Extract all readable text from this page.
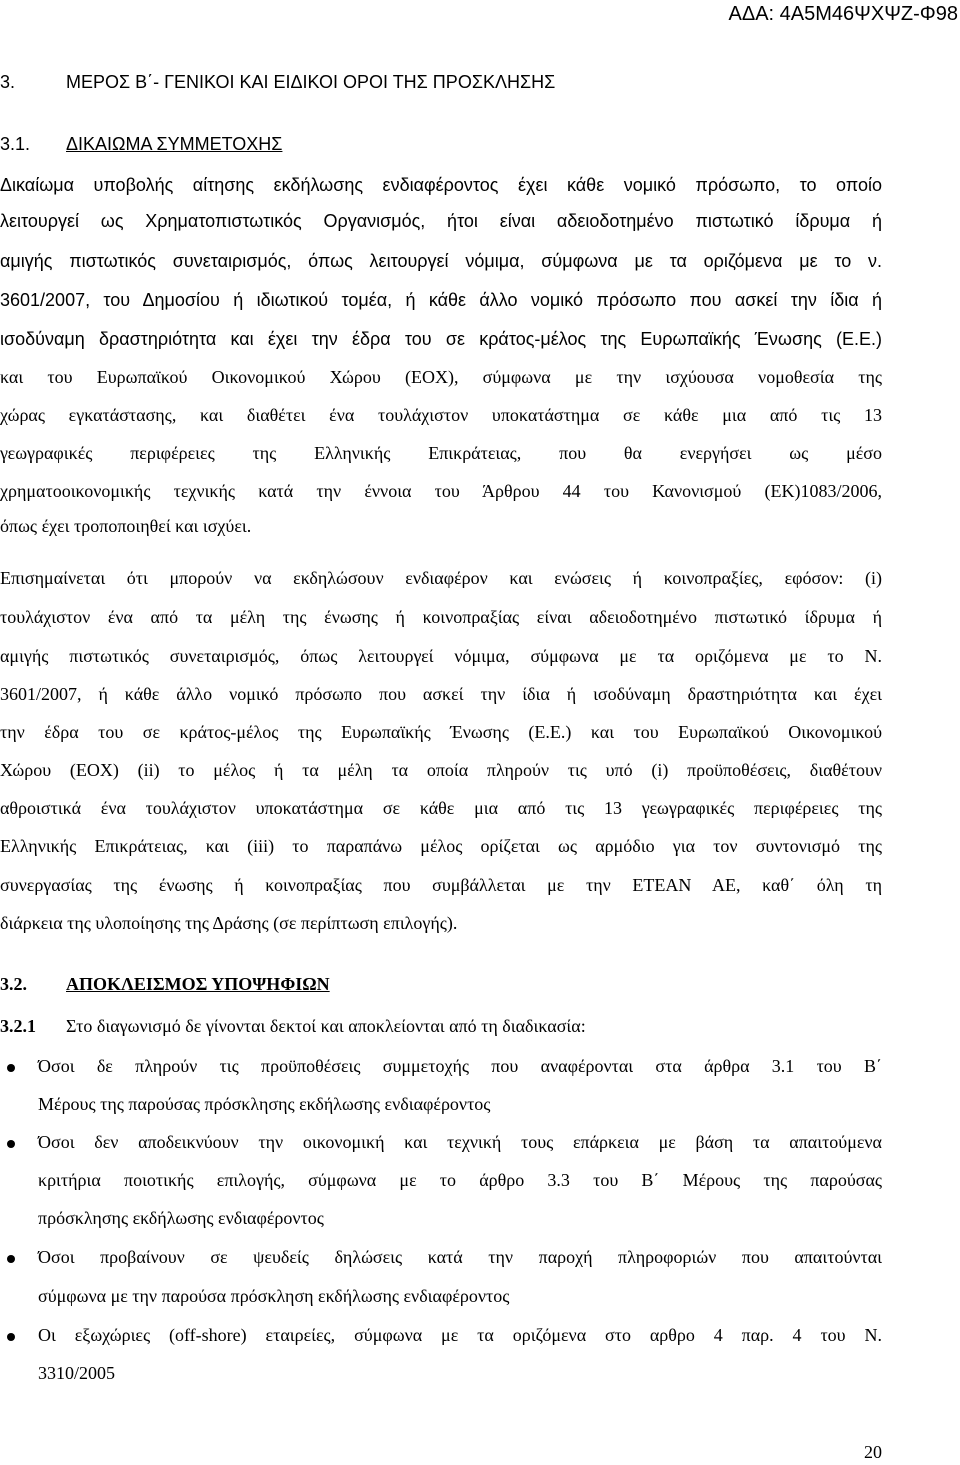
ΑΔΑ: 4Α5Μ46ΨΧΨΖ-Φ98
3.	ΜΕΡΟΣ Β΄- ΓΕΝΙΚΟΙ ΚΑΙ ΕΙΔΙΚΟΙ ΟΡΟΙ ΤΗΣ ΠΡΟΣΚΛΗΣΗΣ
3.1. ΔΙΚΑΙΩΜΑ ΣΥΜΜΕΤΟΧΗΣ
Δικαίωμα υποβολής αίτησης εκδήλωσης ενδιαφέροντος έχει κάθε νομικό πρόσωπο, το οποίο
λειτουργεί ως Χρηματοπιστωτικός Οργανισμός, ήτοι είναι αδειοδοτημένο πιστωτικό ίδρυμα ή
αμιγής πιστωτικός συνεταιρισμός, όπως λειτουργεί νόμιμα, σύμφωνα με τα οριζόμενα με το ν.
3601/2007, του Δημοσίου ή ιδιωτικού τομέα, ή κάθε άλλο νομικό πρόσωπο που ασκεί την ίδια ή
ισοδύναμη δραστηριότητα και έχει την έδρα του σε κράτος-μέλος της Ευρωπαϊκής Ένωσης (Ε.Ε.)
και του Ευρωπαϊκού Οικονομικού Χώρου (ΕΟΧ), σύμφωνα με την ισχύουσα νομοθεσία της
χώρας εγκατάστασης, και διαθέτει ένα τουλάχιστον υποκατάστημα σε κάθε μια από τις 13
γεωγραφικές περιφέρειες της Ελληνικής Επικράτειας, που θα ενεργήσει ως μέσο
χρηματοοικονομικής τεχνικής κατά την έννοια του Άρθρου 44 του Κανονισμού (ΕΚ)1083/2006,
όπως έχει τροποποιηθεί και ισχύει.
Επισημαίνεται ότι μπορούν να εκδηλώσουν ενδιαφέρον και ενώσεις ή κοινοπραξίες, εφόσον: (i)
τουλάχιστον ένα από τα μέλη της ένωσης ή κοινοπραξίας είναι αδειοδοτημένο πιστωτικό ίδρυμα ή
αμιγής πιστωτικός συνεταιρισμός, όπως λειτουργεί νόμιμα, σύμφωνα με τα οριζόμενα με το Ν.
3601/2007, ή κάθε άλλο νομικό πρόσωπο που ασκεί την ίδια ή ισοδύναμη δραστηριότητα και έχει
την έδρα του σε κράτος-μέλος της Ευρωπαϊκής Ένωσης (Ε.Ε.) και του Ευρωπαϊκού Οικονομικού
Χώρου (ΕΟΧ) (ii) το μέλος ή τα μέλη τα οποία πληρούν τις υπό (i) προϋποθέσεις, διαθέτουν
αθροιστικά ένα τουλάχιστον υποκατάστημα σε κάθε μια από τις 13 γεωγραφικές περιφέρειες της
Ελληνικής Επικράτειας, και (iii) το παραπάνω μέλος ορίζεται ως αρμόδιο για τον συντονισμό της
συνεργασίας της ένωσης ή κοινοπραξίας που συμβάλλεται με την ΕΤΕΑΝ ΑΕ, καθ΄ όλη τη
διάρκεια της υλοποίησης της Δράσης (σε περίπτωση επιλογής).
3.2. ΑΠΟΚΛΕΙΣΜΟΣ ΥΠΟΨΗΦΙΩΝ
3.2.1 Στο διαγωνισμό δε γίνονται δεκτοί και αποκλείονται από τη διαδικασία:
Όσοι δε πληρούν τις προϋποθέσεις συμμετοχής που αναφέρονται στα άρθρα 3.1 του Β΄
Μέρους της παρούσας πρόσκλησης εκδήλωσης ενδιαφέροντος
Όσοι δεν αποδεικνύουν την οικονομική και τεχνική τους επάρκεια με βάση τα απαιτούμενα
κριτήρια ποιοτικής επιλογής, σύμφωνα με το άρθρο 3.3 του Β΄ Μέρους της παρούσας
πρόσκλησης εκδήλωσης ενδιαφέροντος
Όσοι προβαίνουν σε ψευδείς δηλώσεις κατά την παροχή πληροφοριών που απαιτούνται
σύμφωνα με την παρούσα πρόσκληση εκδήλωσης ενδιαφέροντος
Οι εξωχώριες (off-shore) εταιρείες, σύμφωνα με τα οριζόμενα στο αρθρο 4 παρ. 4 του Ν.
3310/2005
20
